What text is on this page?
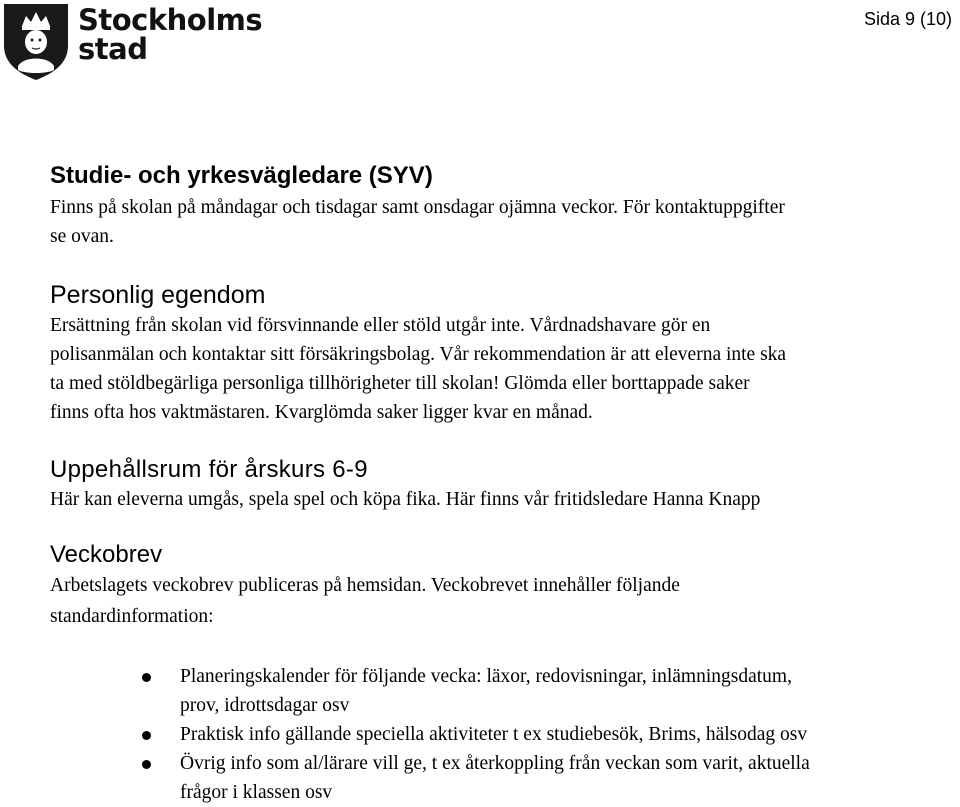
Stockholms
stad
Sida 9 (10)
Studie- och yrkesvägledare (SYV)

Finns på skolan på måndagar och tisdagar samt onsdagar ojämna veckor. För kontaktuppgifter

se ovan.

Personlig egendom

Ersättning från skolan vid försvinnande eller stöld utgår inte. Vårdnadshavare gör en

polisanmälan och kontaktar sitt försäkringsbolag. Vår rekommendation är att eleverna inte ska

ta med stöldbegärliga personliga tillhörigheter till skolan! Glömda eller borttappade saker

finns ofta hos vaktmästaren. Kvarglömda saker ligger kvar en månad.

Uppehållsrum för årskurs 6-9

Här kan eleverna umgås, spela spel och köpa fika. Här finns vår fritidsledare Hanna Knapp

Veckobrev

Arbetslagets veckobrev publiceras på hemsidan. Veckobrevet innehåller följande

standardinformation:

Planeringskalender för följande vecka: läxor, redovisningar, inlämningsdatum,
prov, idrottsdagar osv
Praktisk info gällande speciella aktiviteter t ex studiebesök, Brims, hälsodag osv
Övrig info som al/lärare vill ge, t ex återkoppling från veckan som varit, aktuella
frågor i klassen osv
